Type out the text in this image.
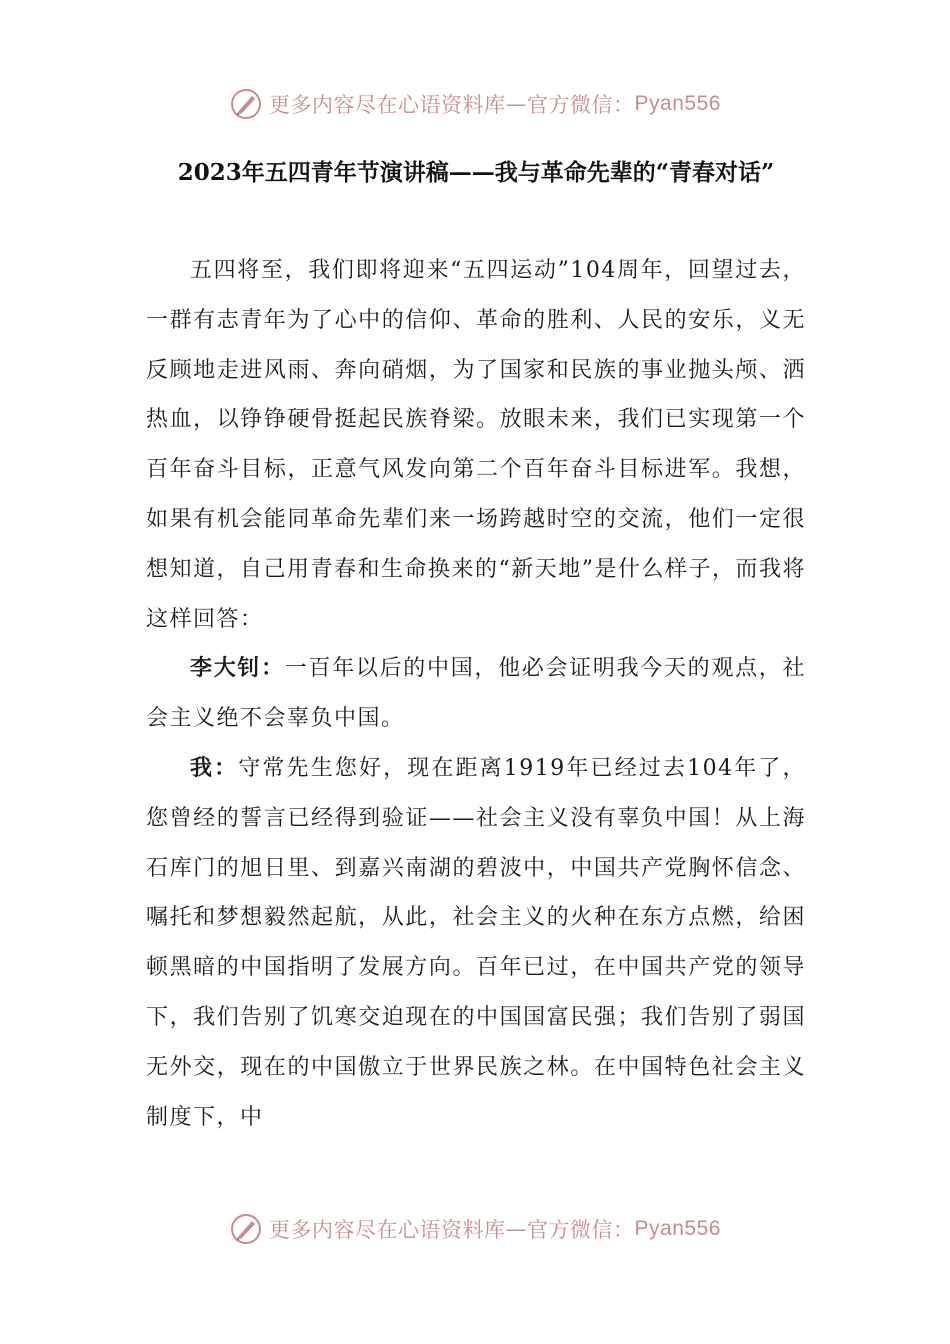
更多内容尽在心语资料库 — 官方微信： Pyan556
2023年五四青年节演讲稿——我与革命先辈的“青春对话”

五四将至，我们即将迎来“五四运动”104周年，回望过去，一群有志青年为了心中的信仰、革命的胜利、人民的安乐，义无反顾地走进风雨、奔向硝烟，为了国家和民族的事业抛头颅、洒热血，以铮铮硬骨挺起民族脊梁。放眼未来，我们已实现第一个百年奋斗目标，正意气风发向第二个百年奋斗目标进军。我想，如果有机会能同革命先辈们来一场跨越时空的交流，他们一定很想知道，自己用青春和生命换来的“新天地”是什么样子，而我将这样回答：

李大钊：一百年以后的中国，他必会证明我今天的观点，社会主义绝不会辜负中国。

我：守常先生您好，现在距离1919年已经过去104年了，您曾经的誓言已经得到验证——社会主义没有辜负中国！从上海石库门的旭日里、到嘉兴南湖的碧波中，中国共产党胸怀信念、嘱托和梦想毅然起航，从此，社会主义的火种在东方点燃，给困顿黑暗的中国指明了发展方向。百年已过，在中国共产党的领导下，我们告别了饥寒交迫现在的中国国富民强；我们告别了弱国无外交，现在的中国傲立于世界民族之林。在中国特色社会主义制度下，中

更多内容尽在心语资料库 — 官方微信： Pyan556
